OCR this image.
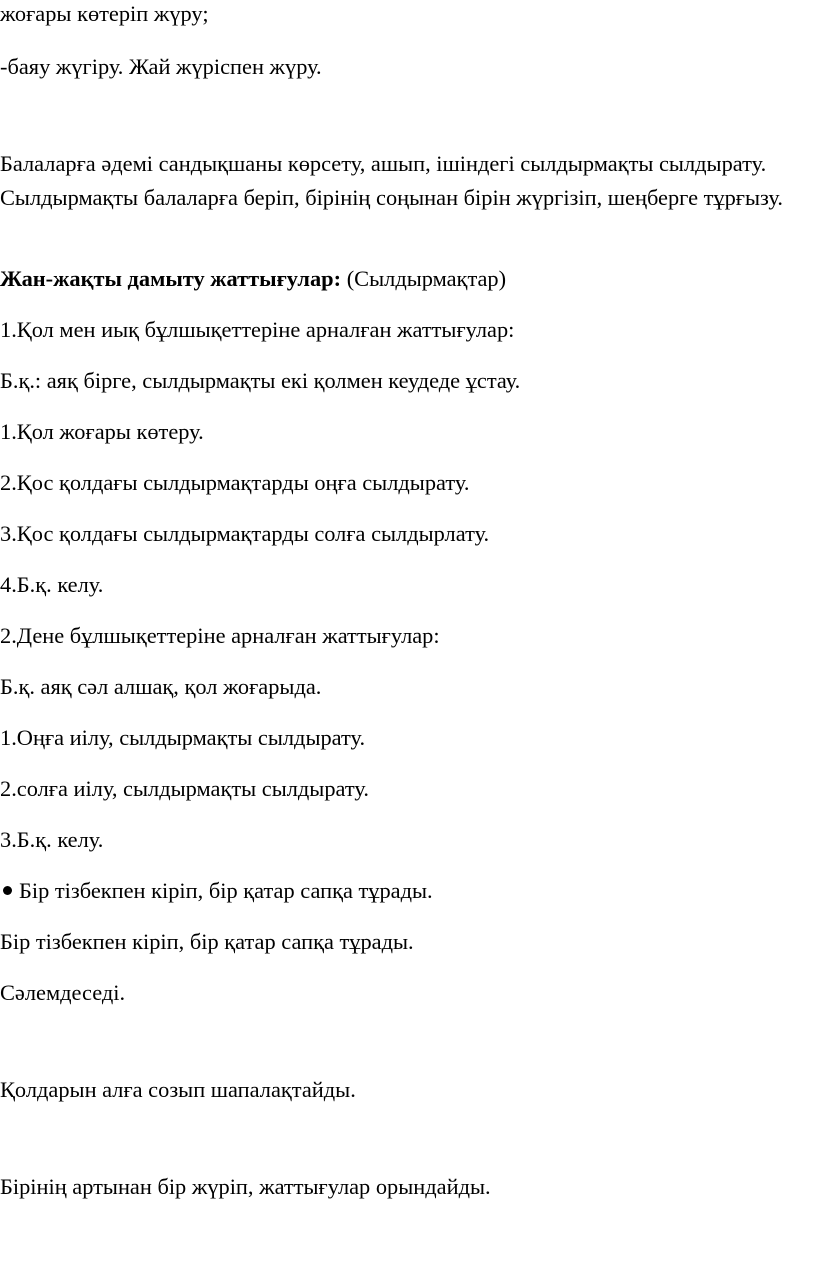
жоғары көтеріп жүру;

-баяу жүгіру. Жай жүріспен жүру.

Балаларға әдемі сандықшаны көрсету, ашып, ішіндегі сылдырмақты сылдырату. Сылдырмақты балаларға беріп, бірінің соңынан бірін жүргізіп, шеңберге тұрғызу.

Жан-жақты дамыту жаттығулар: (Сылдырмақтар)

1.Қол мен иық бұлшықеттеріне арналған жаттығулар:

Б.қ.: аяқ бірге, сылдырмақты екі қолмен кеудеде ұстау.

1.Қол жоғары көтеру.

2.Қос қолдағы сылдырмақтарды оңға сылдырату.

3.Қос қолдағы сылдырмақтарды солға сылдырлату.

4.Б.қ. келу.

2.Дене бұлшықеттеріне арналған жаттығулар:

Б.қ. аяқ сәл алшақ, қол жоғарыда.

1.Оңға иілу, сылдырмақты сылдырату.

2.солға иілу, сылдырмақты сылдырату.

3.Б.қ. келу.

Бір тізбекпен кіріп, бір қатар сапқа тұрады.

Бір тізбекпен кіріп, бір қатар сапқа тұрады.

Сәлемдеседі.

Қолдарын алға созып шапалақтайды.

Бірінің артынан бір жүріп, жаттығулар орындайды.
